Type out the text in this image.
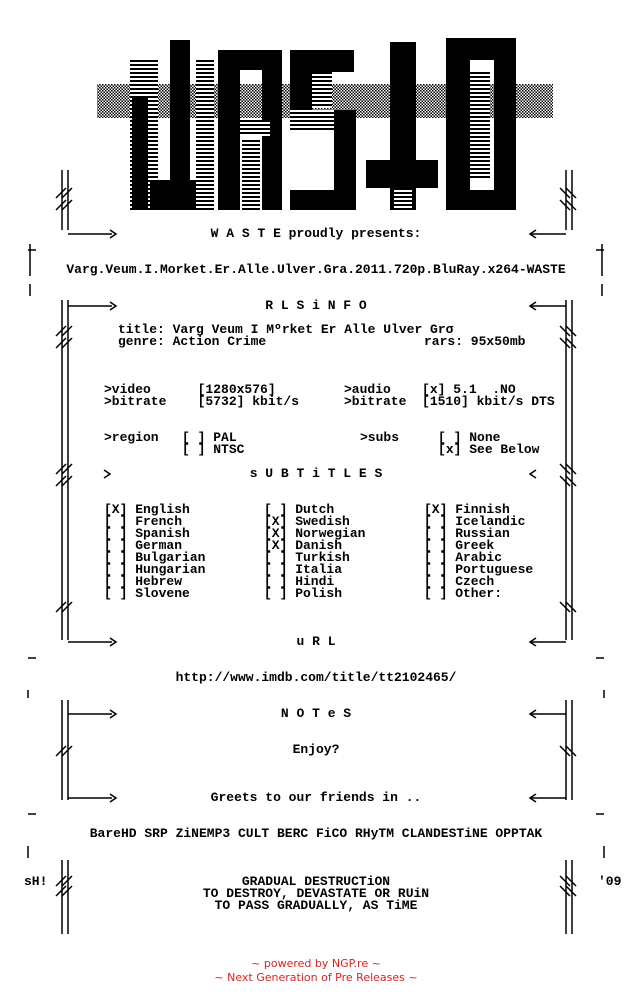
W A S T E proudly presents:
Varg.Veum.I.Morket.Er.Alle.Ulver.Gra.2011.720p.BluRay.x264-WASTE
R L S i N F O
title: Varg Veum I Mºrket Er Alle Ulver Grσ
genre: Action Crime	rars: 95x50mb
>video      [1280x576]
>bitrate    [5732] kbit/s
>audio    [x] 5.1  .NO
>bitrate  [1510] kbit/s DTS
>region   [ ] PAL
[ ] NTSC
>subs     [ ] None
[x] See Below
s U B T i T L E S
[X] English
[ ] French
[ ] Spanish
[ ] German
[ ] Bulgarian
[ ] Hungarian
[ ] Hebrew
[ ] Slovene
[ ] Dutch
[X] Swedish
[X] Norwegian
[X] Danish
[ ] Turkish
[ ] Italia
[ ] Hindi
[ ] Polish
[X] Finnish
[ ] Icelandic
[ ] Russian
[ ] Greek
[ ] Arabic
[ ] Portuguese
[ ] Czech
[ ] Other:
u R L
http://www.imdb.com/title/tt2102465/
N O T e S
Enjoy?
Greets to our friends in ..
BareHD SRP ZiNEMP3 CULT BERC FiCO RHyTM CLANDESTiNE OPPTAK
sH!	'09
GRADUAL DESTRUCTiON
TO DESTROY, DEVASTATE OR RUiN
TO PASS GRADUALLY, AS TiME
~ powered by NGP.re ~
~ Next Generation of Pre Releases ~
